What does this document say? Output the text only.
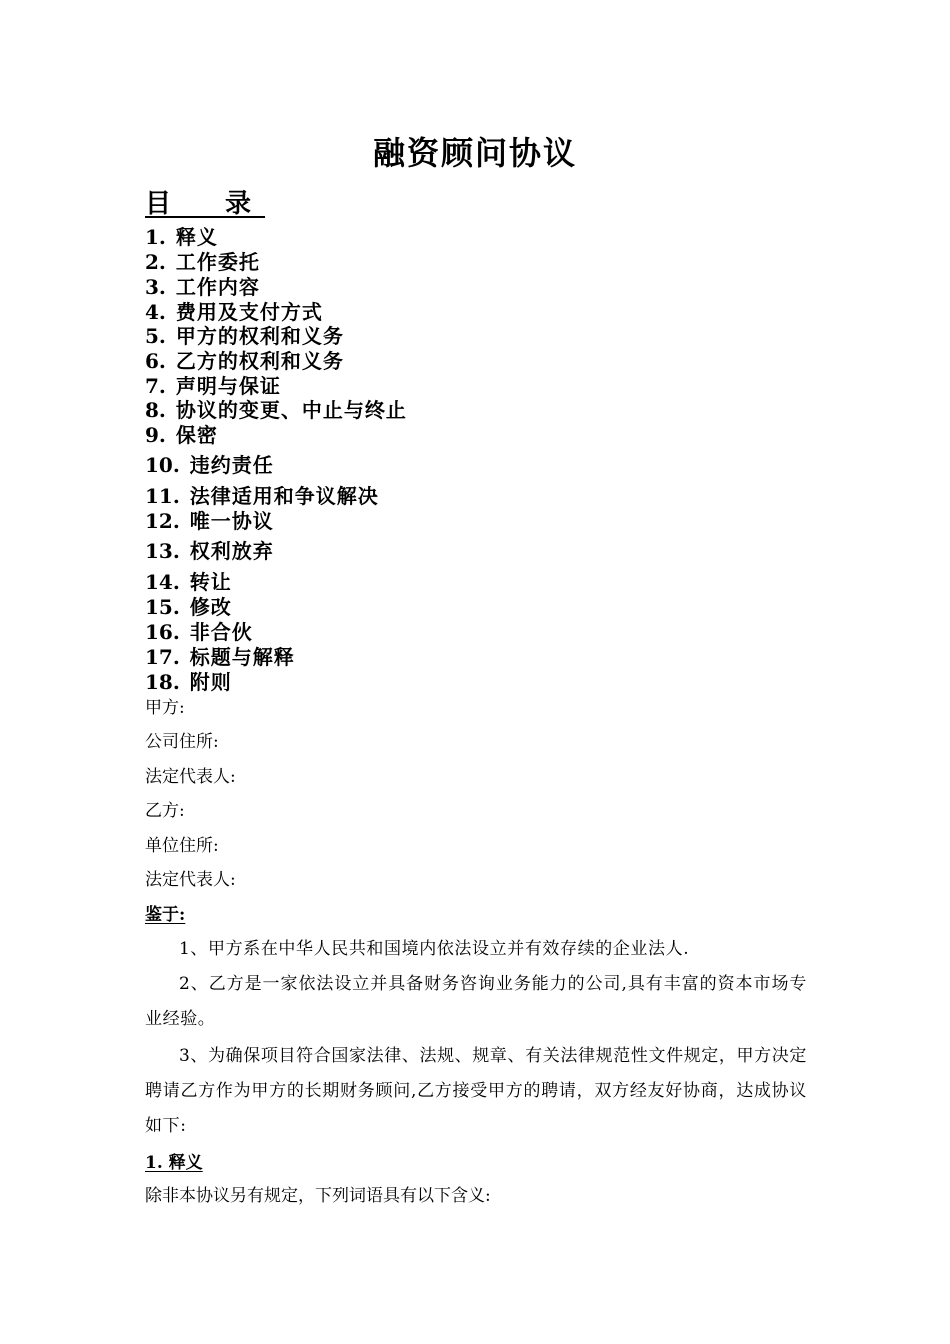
融资顾问协议
目　录
1. 释义
2. 工作委托
3. 工作内容
4. 费用及支付方式
5. 甲方的权利和义务
6. 乙方的权利和义务
7. 声明与保证
8. 协议的变更、中止与终止
9. 保密
10. 违约责任
11. 法律适用和争议解决
12. 唯一协议
13. 权利放弃
14. 转让
15. 修改
16. 非合伙
17. 标题与解释
18. 附则
甲方:
公司住所:
法定代表人:
乙方:
单位住所:
法定代表人:
鉴于:
1、甲方系在中华人民共和国境内依法设立并有效存续的企业法人.
2、乙方是一家依法设立并具备财务咨询业务能力的公司,具有丰富的资本市场专业经验。
3、为确保项目符合国家法律、法规、规章、有关法律规范性文件规定，甲方决定聘请乙方作为甲方的长期财务顾问,乙方接受甲方的聘请，双方经友好协商，达成协议如下:
1. 释义
除非本协议另有规定，下列词语具有以下含义:
